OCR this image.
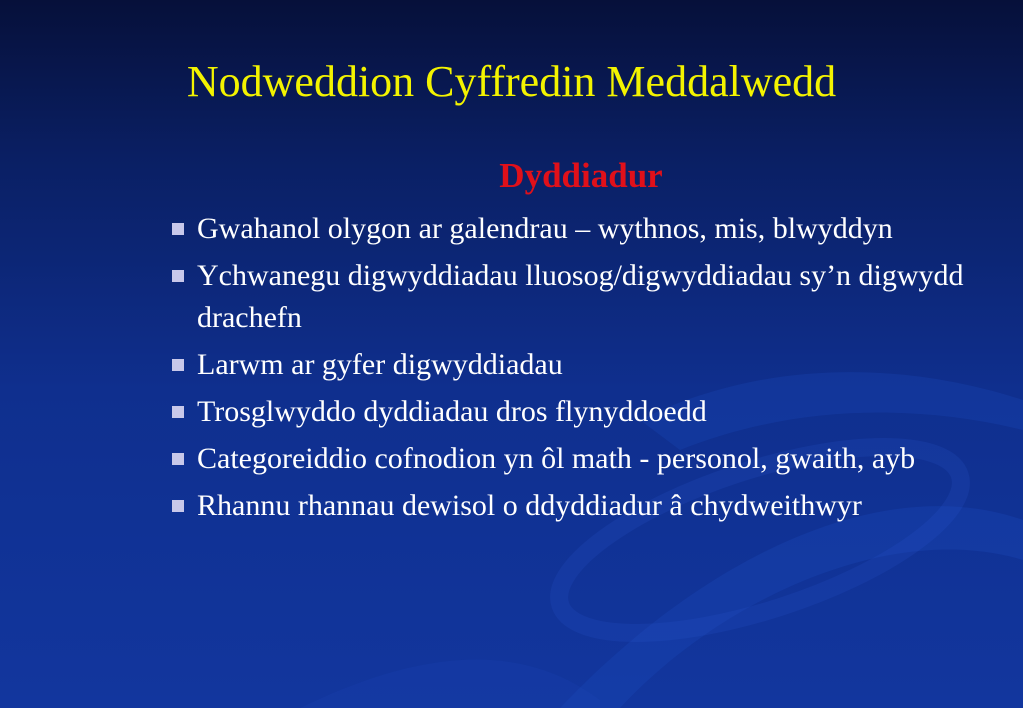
Nodweddion Cyffredin Meddalwedd
Dyddiadur
Gwahanol olygon ar galendrau – wythnos, mis, blwyddyn
Ychwanegu digwyddiadau lluosog/digwyddiadau sy’n digwydd drachefn
Larwm ar gyfer digwyddiadau
Trosglwyddo dyddiadau dros flynyddoedd
Categoreiddio cofnodion yn ôl math - personol, gwaith, ayb
Rhannu rhannau dewisol o ddyddiadur â chydweithwyr
